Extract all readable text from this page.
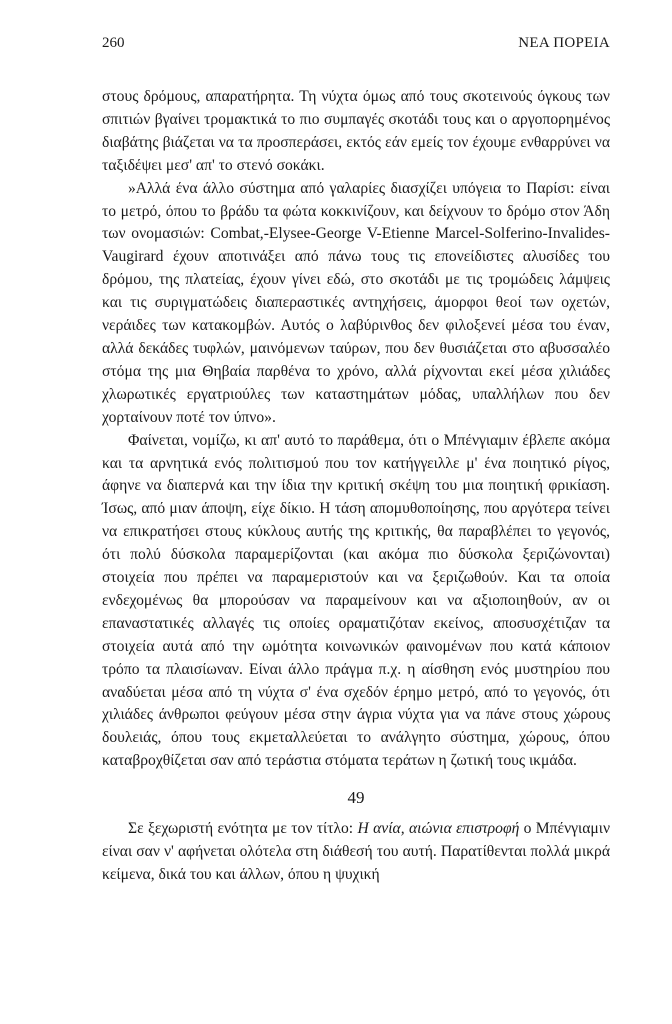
260	ΝΕΑ ΠΟΡΕΙΑ

στους δρόμους, απαρατήρητα. Τη νύχτα όμως από τους σκοτεινούς όγκους των σπιτιών βγαίνει τρομακτικά το πιο συμπαγές σκοτάδι τους και ο αργοπορημένος διαβάτης βιάζεται να τα προσπεράσει, εκτός εάν εμείς τον έχουμε ενθαρρύνει να ταξιδέψει μεσ' απ' το στενό σοκάκι.

»Αλλά ένα άλλο σύστημα από γαλαρίες διασχίζει υπόγεια το Παρίσι: είναι το μετρό, όπου το βράδυ τα φώτα κοκκινίζουν, και δείχνουν το δρόμο στον Άδη των ονομασιών: Combat,-Elysee-George V-Etienne Marcel-Solferino-Invalides-Vaugirard έχουν αποτινάξει από πάνω τους τις επονείδιστες αλυσίδες του δρόμου, της πλατείας, έχουν γίνει εδώ, στο σκοτάδι με τις τρομώδεις λάμψεις και τις συριγματώδεις διαπεραστικές αντηχήσεις, άμορφοι θεοί των οχετών, νεράιδες των κατακομβών. Αυτός ο λαβύρινθος δεν φιλοξενεί μέσα του έναν, αλλά δεκάδες τυφλών, μαινόμενων ταύρων, που δεν θυσιάζεται στο αβυσσαλέο στόμα της μια Θηβαία παρθένα το χρόνο, αλλά ρίχνονται εκεί μέσα χιλιάδες χλωρωτικές εργατριούλες των καταστημάτων μόδας, υπαλλήλων που δεν χορταίνουν ποτέ τον ύπνο».

Φαίνεται, νομίζω, κι απ' αυτό το παράθεμα, ότι ο Μπένγιαμιν έβλεπε ακόμα και τα αρνητικά ενός πολιτισμού που τον κατήγγειλλε μ' ένα ποιητικό ρίγος, άφηνε να διαπερνά και την ίδια την κριτική σκέψη του μια ποιητική φρικίαση. Ίσως, από μιαν άποψη, είχε δίκιο. Η τάση απομυθοποίησης, που αργότερα τείνει να επικρατήσει στους κύκλους αυτής της κριτικής, θα παραβλέπει το γεγονός, ότι πολύ δύσκολα παραμερίζονται (και ακόμα πιο δύσκολα ξεριζώνονται) στοιχεία που πρέπει να παραμεριστούν και να ξεριζωθούν. Και τα οποία ενδεχομένως θα μπορούσαν να παραμείνουν και να αξιοποιηθούν, αν οι επαναστατικές αλλαγές τις οποίες οραματιζόταν εκείνος, αποσυσχέτιζαν τα στοιχεία αυτά από την ωμότητα κοινωνικών φαινομένων που κατά κάποιον τρόπο τα πλαισίωναν. Είναι άλλο πράγμα π.χ. η αίσθηση ενός μυστηρίου που αναδύεται μέσα από τη νύχτα σ' ένα σχεδόν έρημο μετρό, από το γεγονός, ότι χιλιάδες άνθρωποι φεύγουν μέσα στην άγρια νύχτα για να πάνε στους χώρους δουλειάς, όπου τους εκμεταλλεύεται το ανάλγητο σύστημα, χώρους, όπου καταβροχθίζεται σαν από τεράστια στόματα τεράτων η ζωτική τους ικμάδα.

49

Σε ξεχωριστή ενότητα με τον τίτλο: Η ανία, αιώνια επιστροφή ο Μπένγιαμιν είναι σαν ν' αφήνεται ολότελα στη διάθεσή του αυτή. Παρατίθενται πολλά μικρά κείμενα, δικά του και άλλων, όπου η ψυχική
